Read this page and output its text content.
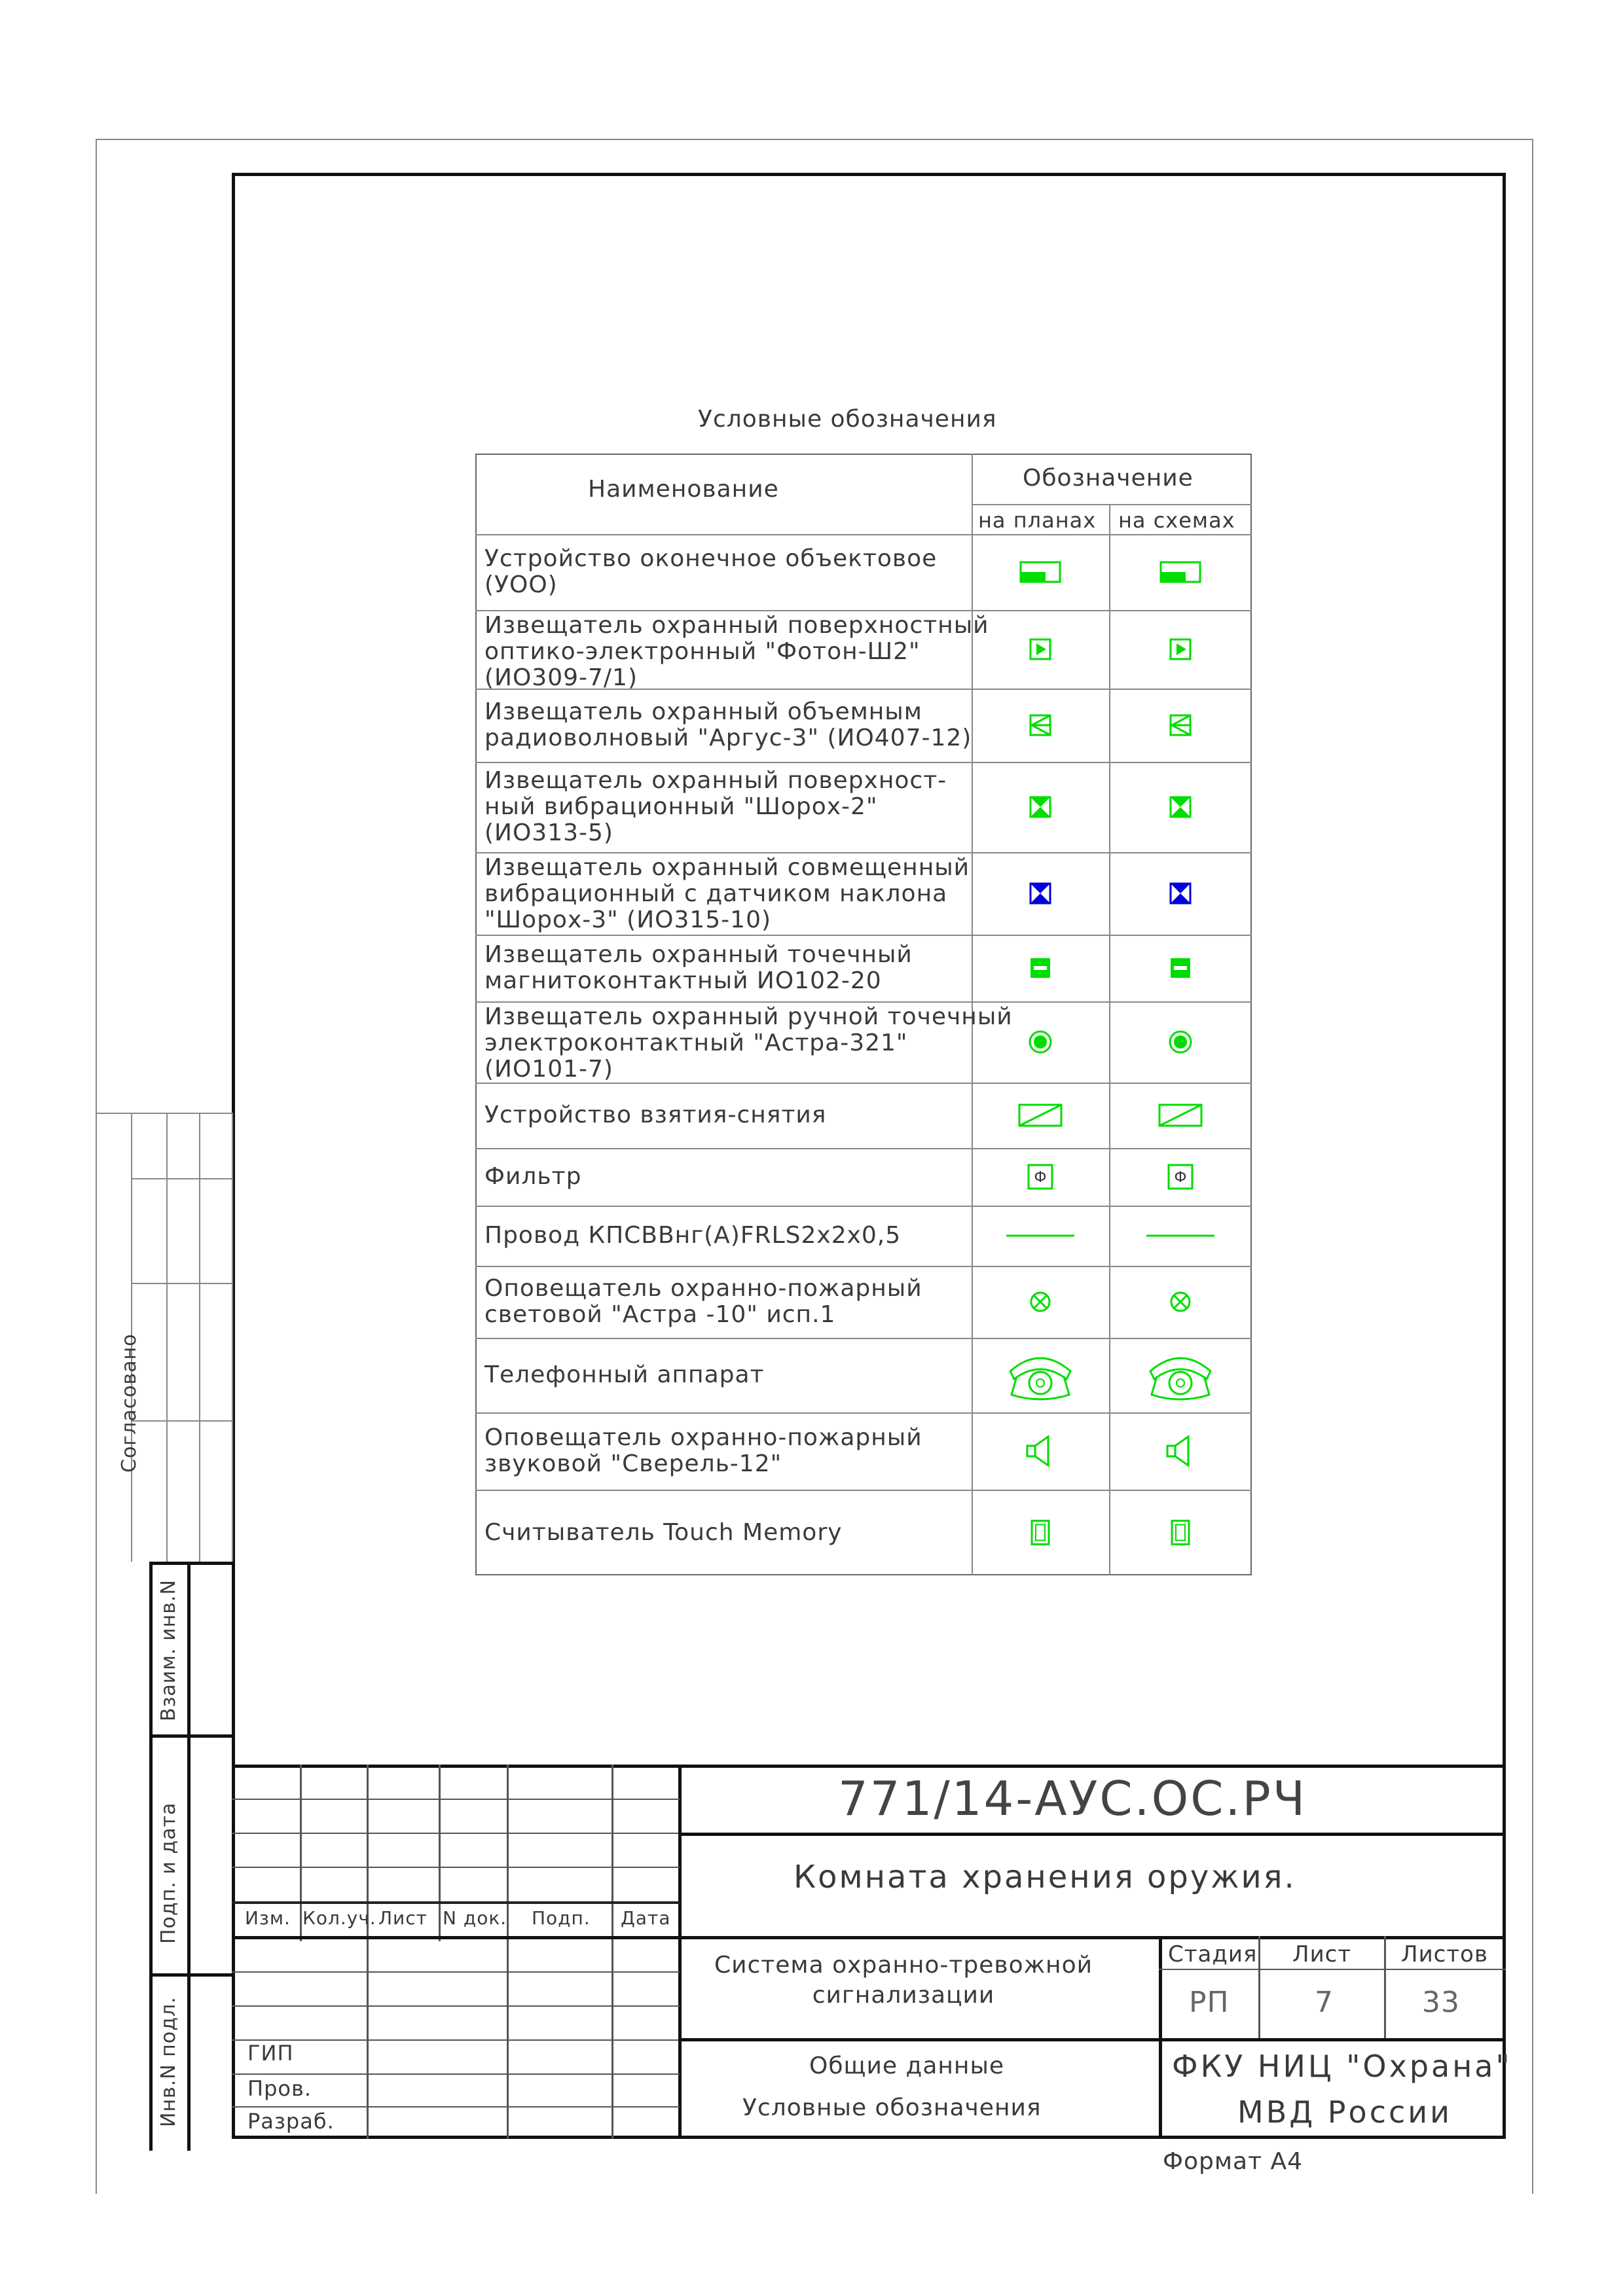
Условные обозначения
Наименование	Обозначение
на планах на схемах
Устройство оконечное объектовое
(УОО)
Извещатель охранный поверхностный
оптико-электронный "Фотон-Ш2"
(ИО309-7/1)
Извещатель охранный объемным
радиоволновый "Аргус-3" (ИО407-12)
Извещатель охранный поверхност-
ный вибрационный "Шорох-2"
(ИО313-5)
Извещатель охранный совмещенный
вибрационный с датчиком наклона
"Шорох-3" (ИО315-10)
Извещатель охранный точечный
магнитоконтактный ИО102-20
Извещатель охранный ручной точечный
электроконтактный "Астра-321"
(ИО101-7)
Устройство взятия-снятия
Фильтр	Ф	Ф
Провод КПСВВнг(А)FRLS2х2х0,5
Оповещатель охранно-пожарный
световой "Астра -10" исп.1
Телефонный аппарат
Оповещатель охранно-пожарный
звуковой "Сверель-12"
Считыватель Touch Memory
Согласовано
Взаим. инв.N
Подп. и дата
Инв.N подл.
771/14-АУС.ОС.РЧ
Комната хранения оружия.
Изм. Кол.уч. Лист N док. Подп. Дата
ГИП
Пров.
Разраб.
Система охранно-тревожной
сигнализации
Стадия Лист Листов
РП	7	33
Общие данные
Условные обозначения
ФКУ НИЦ "Охрана"
МВД России
Формат А4
